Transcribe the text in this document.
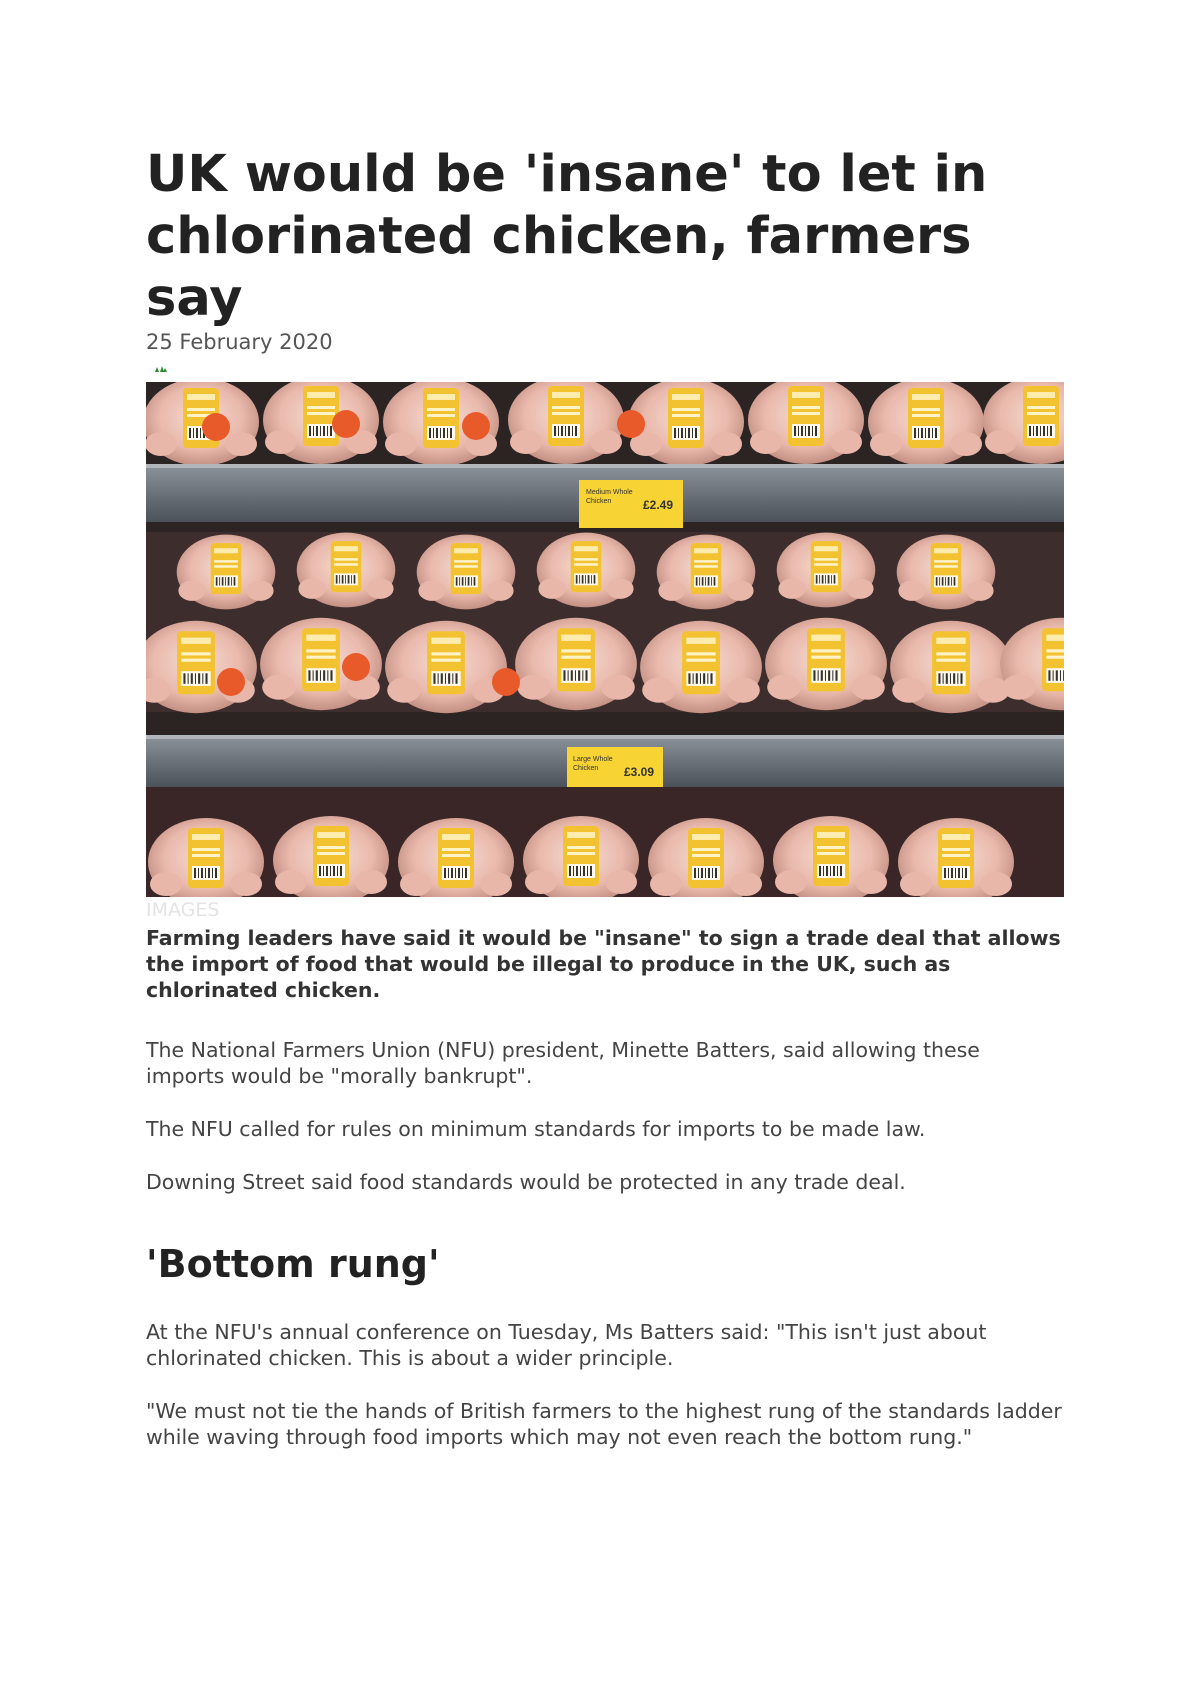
UK would be 'insane' to let in chlorinated chicken, farmers say
25 February 2020
Medium Whole
Chicken	£2.49
Large Whole
Chicken £3.09
IMAGES

Farming leaders have said it would be "insane" to sign a trade deal that allows the import of food that would be illegal to produce in the UK, such as chlorinated chicken.

The National Farmers Union (NFU) president, Minette Batters, said allowing these imports would be "morally bankrupt".

The NFU called for rules on minimum standards for imports to be made law.

Downing Street said food standards would be protected in any trade deal.

'Bottom rung'

At the NFU's annual conference on Tuesday, Ms Batters said: "This isn't just about chlorinated chicken. This is about a wider principle.

"We must not tie the hands of British farmers to the highest rung of the standards ladder while waving through food imports which may not even reach the bottom rung."
